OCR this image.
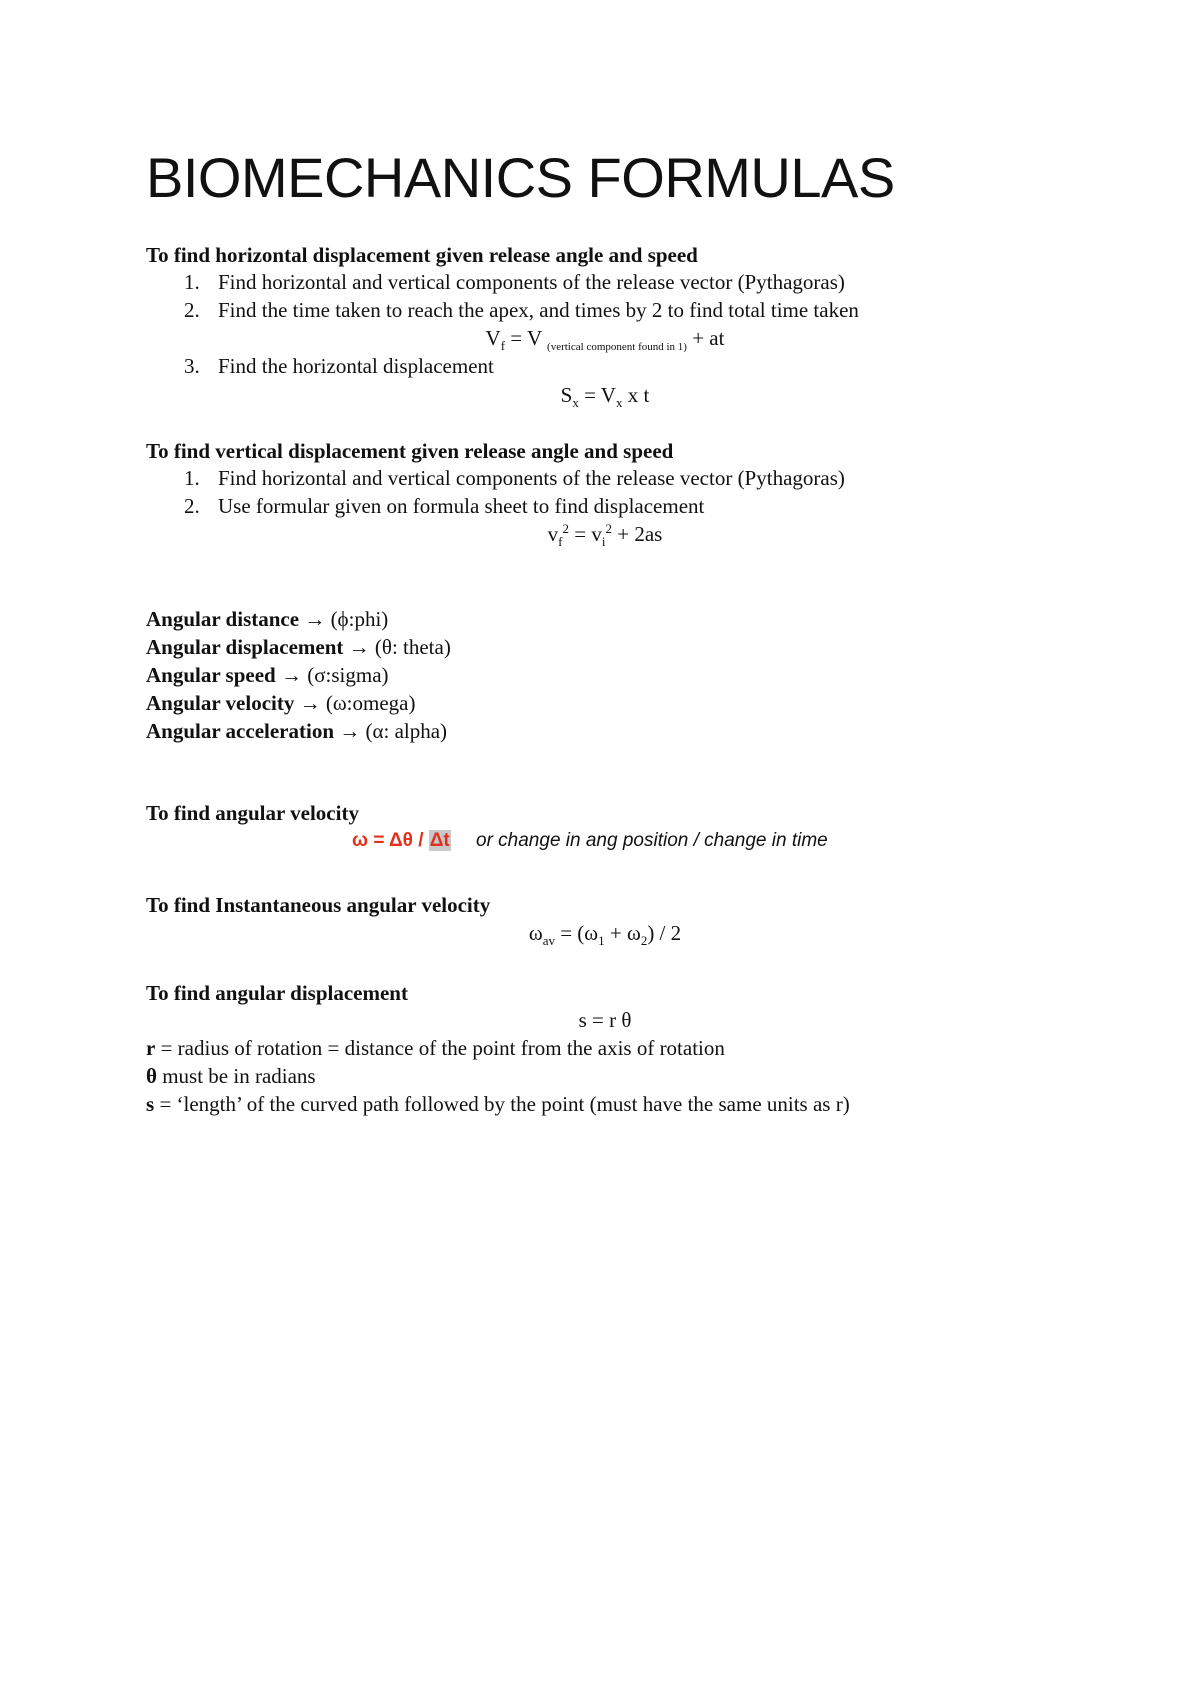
BIOMECHANICS FORMULAS
To find horizontal displacement given release angle and speed
1. Find horizontal and vertical components of the release vector (Pythagoras)
2. Find the time taken to reach the apex, and times by 2 to find total time taken
$V_f = V$ $_{(vertical component found in 1)}$ + at
3. Find the horizontal displacement
$S_x = V_x$ x t
To find vertical displacement given release angle and speed
1. Find horizontal and vertical components of the release vector (Pythagoras)
2. Use formular given on formula sheet to find displacement
$v_f^2 = v_i^2 + 2as$
Angular distance → (ϕ:phi)
Angular displacement → (θ: theta)
Angular speed → (σ:sigma)
Angular velocity → (ω:omega)
Angular acceleration → (α: alpha)
To find angular velocity
ω = Δθ / Δt or change in ang position / change in time
To find Instantaneous angular velocity
$\omega_{av} = (\omega_1 + \omega_2) / 2$
To find angular displacement
s = r θ
r = radius of rotation = distance of the point from the axis of rotation
θ must be in radians
s = ‘length’ of the curved path followed by the point (must have the same units as r)
